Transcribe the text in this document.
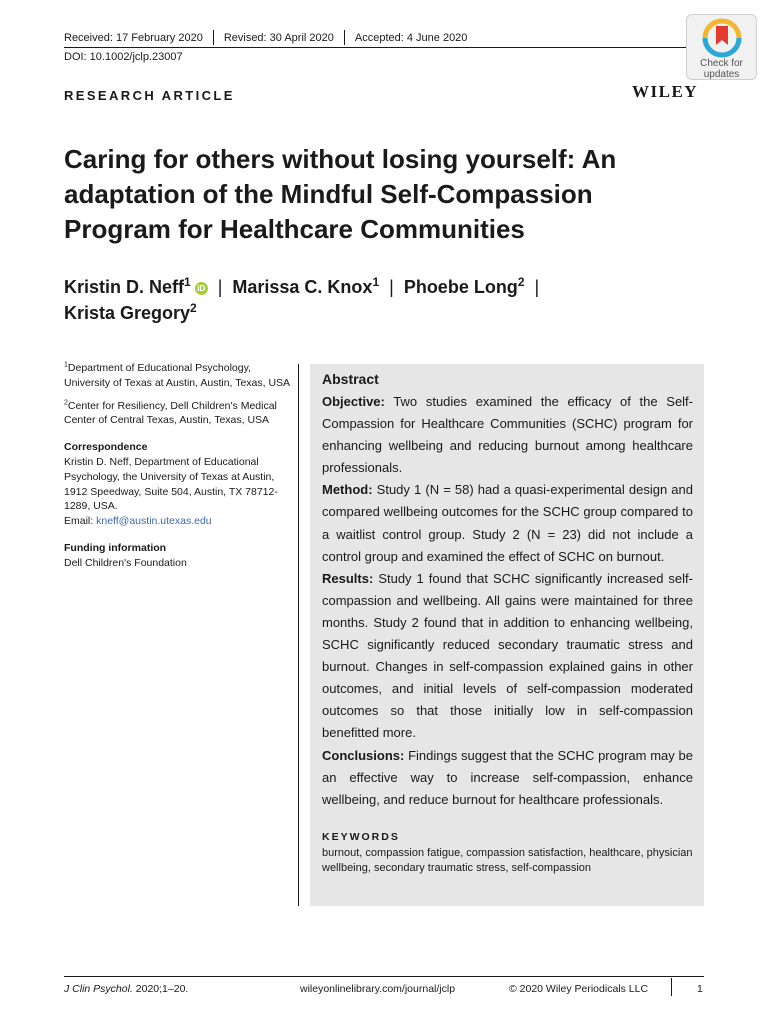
Received: 17 February 2020 Revised: 30 April 2020 Accepted: 4 June 2020
DOI: 10.1002/jclp.23007
RESEARCH ARTICLE	WILEY
Check for
updates
Caring for others without losing yourself: An adaptation of the Mindful Self-Compassion Program for Healthcare Communities
Kristin D. Neff$^1$ iD | Marissa C. Knox$^1$ | Phoebe Long$^2$ |
Krista Gregory$^2$

$^1$Department of Educational Psychology, University of Texas at Austin, Austin, Texas, USA

$^2$Center for Resiliency, Dell Children's Medical Center of Central Texas, Austin, Texas, USA

Correspondence

Kristin D. Neff, Department of Educational Psychology, the University of Texas at Austin, 1912 Speedway, Suite 504, Austin, TX 78712-1289, USA.
Email: kneff@austin.utexas.edu

Funding information

Dell Children's Foundation

Abstract

Objective: Two studies examined the efficacy of the Self-Compassion for Healthcare Communities (SCHC) program for enhancing wellbeing and reducing burnout among healthcare professionals.

Method: Study 1 (N = 58) had a quasi-experimental design and compared wellbeing outcomes for the SCHC group compared to a waitlist control group. Study 2 (N = 23) did not include a control group and examined the effect of SCHC on burnout.

Results: Study 1 found that SCHC significantly increased self-compassion and wellbeing. All gains were maintained for three months. Study 2 found that in addition to enhancing wellbeing, SCHC significantly reduced secondary traumatic stress and burnout. Changes in self-compassion explained gains in other outcomes, and initial levels of self-compassion moderated outcomes so that those initially low in self-compassion benefitted more.

Conclusions: Findings suggest that the SCHC program may be an effective way to increase self-compassion, enhance wellbeing, and reduce burnout for healthcare professionals.

KEYWORDS
burnout, compassion fatigue, compassion satisfaction, healthcare, physician wellbeing, secondary traumatic stress, self-compassion
J Clin Psychol. 2020;1–20.	wileyonlinelibrary.com/journal/jclp	© 2020 Wiley Periodicals LLC	1
